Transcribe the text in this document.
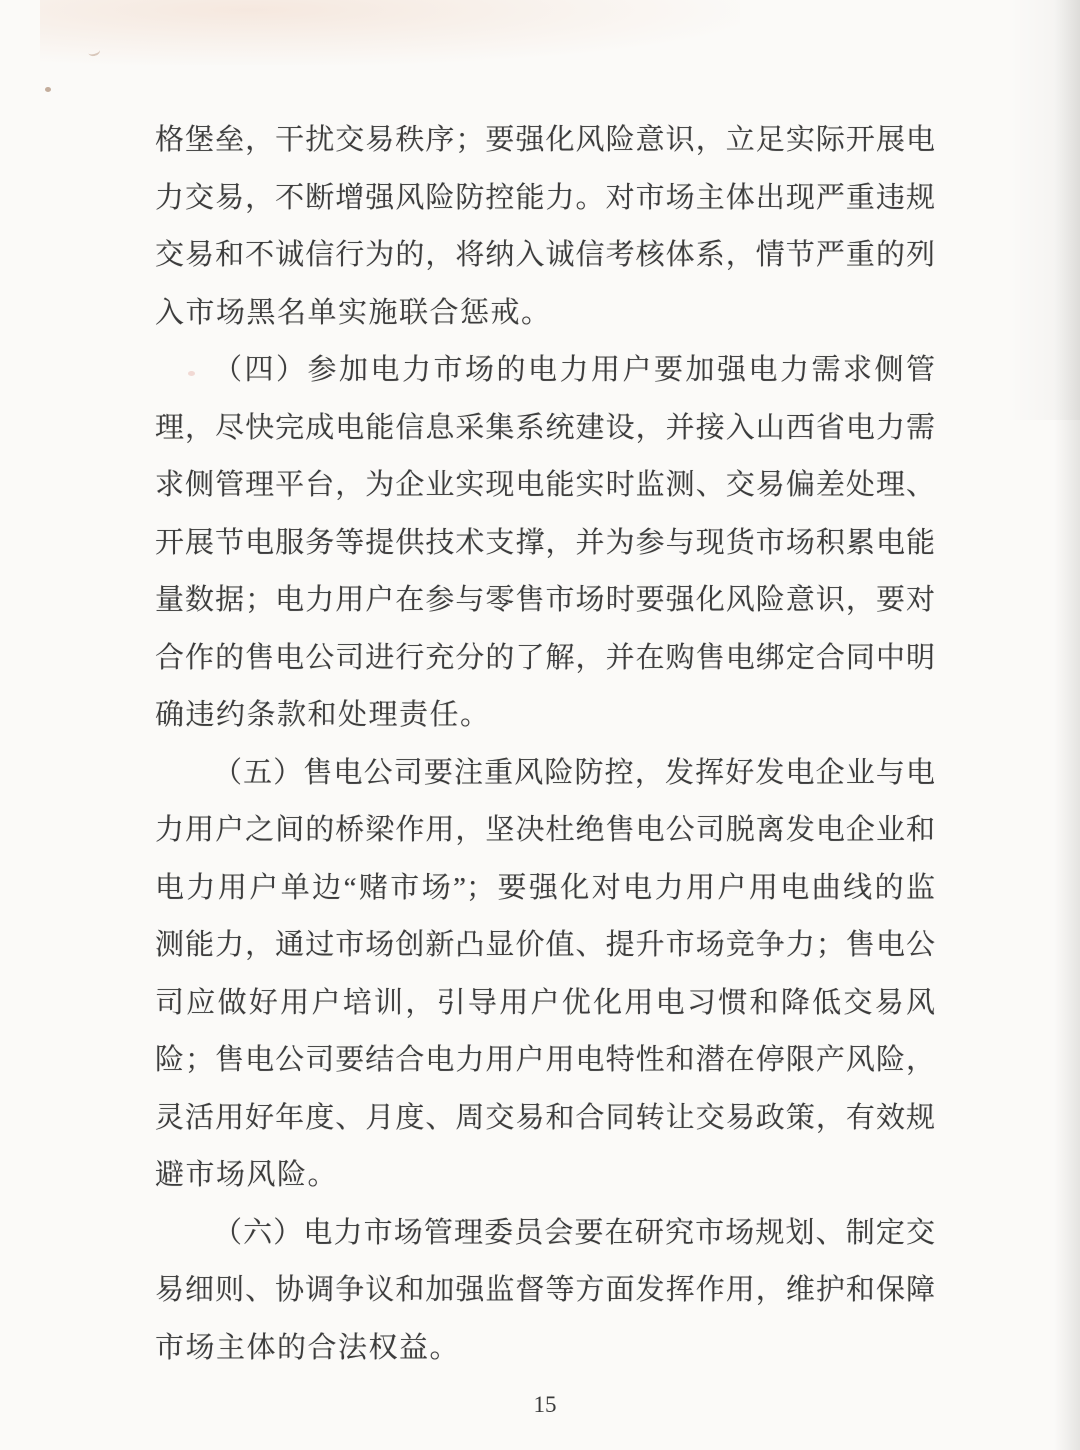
格堡垒，干扰交易秩序；要强化风险意识，立足实际开展电
力交易，不断增强风险防控能力。对市场主体出现严重违规
交易和不诚信行为的，将纳入诚信考核体系，情节严重的列
入市场黑名单实施联合惩戒。
（四）参加电力市场的电力用户要加强电力需求侧管
理，尽快完成电能信息采集系统建设，并接入山西省电力需
求侧管理平台，为企业实现电能实时监测、交易偏差处理、
开展节电服务等提供技术支撑，并为参与现货市场积累电能
量数据；电力用户在参与零售市场时要强化风险意识，要对
合作的售电公司进行充分的了解，并在购售电绑定合同中明
确违约条款和处理责任。
（五）售电公司要注重风险防控，发挥好发电企业与电
力用户之间的桥梁作用，坚决杜绝售电公司脱离发电企业和
电力用户单边“赌市场”；要强化对电力用户用电曲线的监
测能力，通过市场创新凸显价值、提升市场竞争力；售电公
司应做好用户培训，引导用户优化用电习惯和降低交易风
险；售电公司要结合电力用户用电特性和潜在停限产风险，
灵活用好年度、月度、周交易和合同转让交易政策，有效规
避市场风险。
（六）电力市场管理委员会要在研究市场规划、制定交
易细则、协调争议和加强监督等方面发挥作用，维护和保障
市场主体的合法权益。
15
